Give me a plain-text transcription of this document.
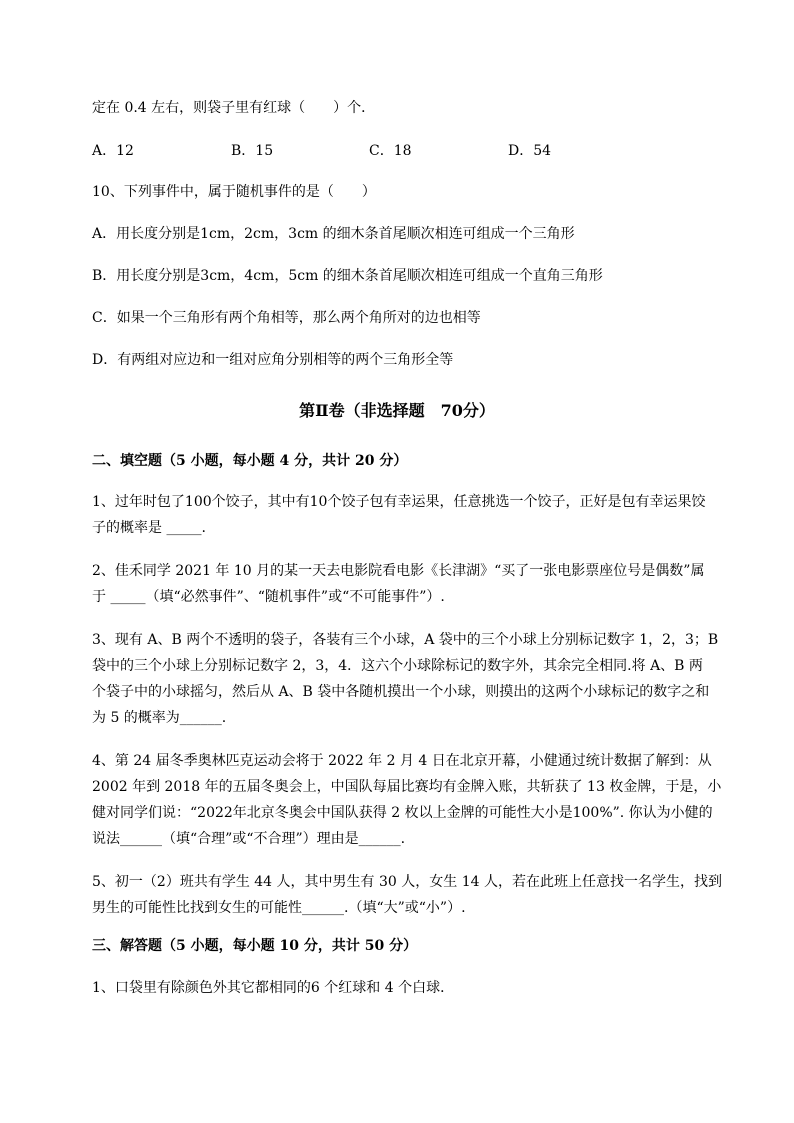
定在 0.4 左右，则袋子里有红球（　　）个．
A．12	B．15	C．18	D．54
10、下列事件中，属于随机事件的是（　　）
A．用长度分别是1cm，2cm，3cm 的细木条首尾顺次相连可组成一个三角形
B．用长度分别是3cm，4cm，5cm 的细木条首尾顺次相连可组成一个直角三角形
C．如果一个三角形有两个角相等，那么两个角所对的边也相等
D．有两组对应边和一组对应角分别相等的两个三角形全等
第Ⅱ卷（非选择题　70分）
二、填空题（5 小题，每小题 4 分，共计 20 分）
1、过年时包了100个饺子，其中有10个饺子包有幸运果，任意挑选一个饺子，正好是包有幸运果饺
子的概率是 _____.
2、佳禾同学 2021 年 10 月的某一天去电影院看电影《长津湖》“买了一张电影票座位号是偶数”属
于 _____（填“必然事件”、“随机事件”或“不可能事件”）.
3、现有 A、B 两个不透明的袋子，各装有三个小球，A 袋中的三个小球上分别标记数字 1，2，3；B
袋中的三个小球上分别标记数字 2，3，4．这六个小球除标记的数字外，其余完全相同.将 A、B 两
个袋子中的小球摇匀，然后从 A、B 袋中各随机摸出一个小球，则摸出的这两个小球标记的数字之和
为 5 的概率为______.
4、第 24 届冬季奥林匹克运动会将于 2022 年 2 月 4 日在北京开幕，小健通过统计数据了解到：从
2002 年到 2018 年的五届冬奥会上，中国队每届比赛均有金牌入账，共斩获了 13 枚金牌，于是，小
健对同学们说：“2022年北京冬奥会中国队获得 2 枚以上金牌的可能性大小是100%”. 你认为小健的
说法______（填“合理”或“不合理”）理由是______.
5、初一（2）班共有学生 44 人，其中男生有 30 人，女生 14 人，若在此班上任意找一名学生，找到
男生的可能性比找到女生的可能性______.（填“大”或“小”）.
三、解答题（5 小题，每小题 10 分，共计 50 分）
1、口袋里有除颜色外其它都相同的6 个红球和 4 个白球．
